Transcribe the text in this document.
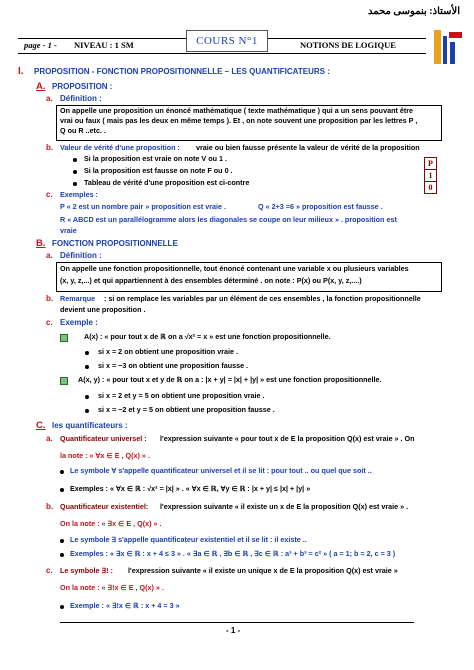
الأستاذ: بنموسى محمد
page - 1 - NIVEAU : 1 SM	COURS N°1	NOTIONS DE LOGIQUE
I. PROPOSITION - FONCTION PROPOSITIONNELLE – LES QUANTIFICATEURS :
A. PROPOSITION :
a. Définition :
On appelle une proposition un énoncé mathématique ( texte mathématique ) qui a un sens pouvant être
vrai ou faux ( mais pas les deux en même temps ). Et , on note souvent une proposition par les lettres P ,
Q ou R ..etc. .
b. Valeur de vérité d'une proposition : vraie ou bien fausse présente la valeur de vérité de la proposition
Si la proposition est vraie on note V ou 1 .
Si la proposition est fausse on note F ou 0 .
Tableau de vérité d'une proposition est ci-contre
P
1
0
c. Exemples :
P « 2 est un nombre pair » proposition est vraie .	Q « 2+3 =6 » proposition est fausse .
R « ABCD est un parallélogramme alors les diagonales se coupe on leur milieux » . proposition est
vraie
B. FONCTION PROPOSITIONNELLE
a. Définition :
On appelle une fonction propositionnelle, tout énoncé contenant une variable x ou plusieurs variables
(x, y, z,...) et qui appartiennent à des ensembles déterminé . on note : P(x) ou P(x, y, z,....)
b. Remarque : si on remplace les variables par un élément de ces ensembles , la fonction propositionnelle
devient une proposition .
c. Exemple :
A(x) : « pour tout x de ℝ on a √x² = x » est une fonction propositionnelle.
si x = 2 on obtient une proposition vraie .
si x = −3 on obtient une proposition fausse .
A(x, y) : « pour tout x et y de ℝ on a : |x + y| = |x| + |y| » est une fonction propositionnelle.
si x = 2 et y = 5 on obtient une proposition vraie .
si x = −2 et y = 5 on obtient une proposition fausse .
C. les quantificateurs :
a. Quantificateur universel : l'expression suivante « pour tout x de E la proposition Q(x) est vraie » . On
la note : « ∀x ∈ E , Q(x) » .
Le symbole ∀ s'appelle quantificateur universel et il se lit : pour tout .. ou quel que soit ..
Exemples : « ∀x ∈ ℝ : √x² = |x| » . « ∀x ∈ ℝ, ∀y ∈ ℝ : |x + y| ≤ |x| + |y| »
b. Quantificateur existentiel: l'expression suivante « il existe un x de E la proposition Q(x) est vraie » .
On la note : « ∃x ∈ E , Q(x) » .
Le symbole ∃ s'appelle quantificateur existentiel et il se lit : il existe ..
Exemples : « ∃x ∈ ℝ : x + 4 ≤ 3 » . « ∃a ∈ ℝ , ∃b ∈ ℝ , ∃c ∈ ℝ : a³ + b³ = c² » ( a = 1; b = 2, c = 3 )
c. Le symbole ∃! : l'expression suivante « il existe un unique x de E la proposition Q(x) est vraie »
On la note : « ∃!x ∈ E , Q(x) » .
Exemple : « ∃!x ∈ ℝ : x + 4 = 3 »
- 1 -
